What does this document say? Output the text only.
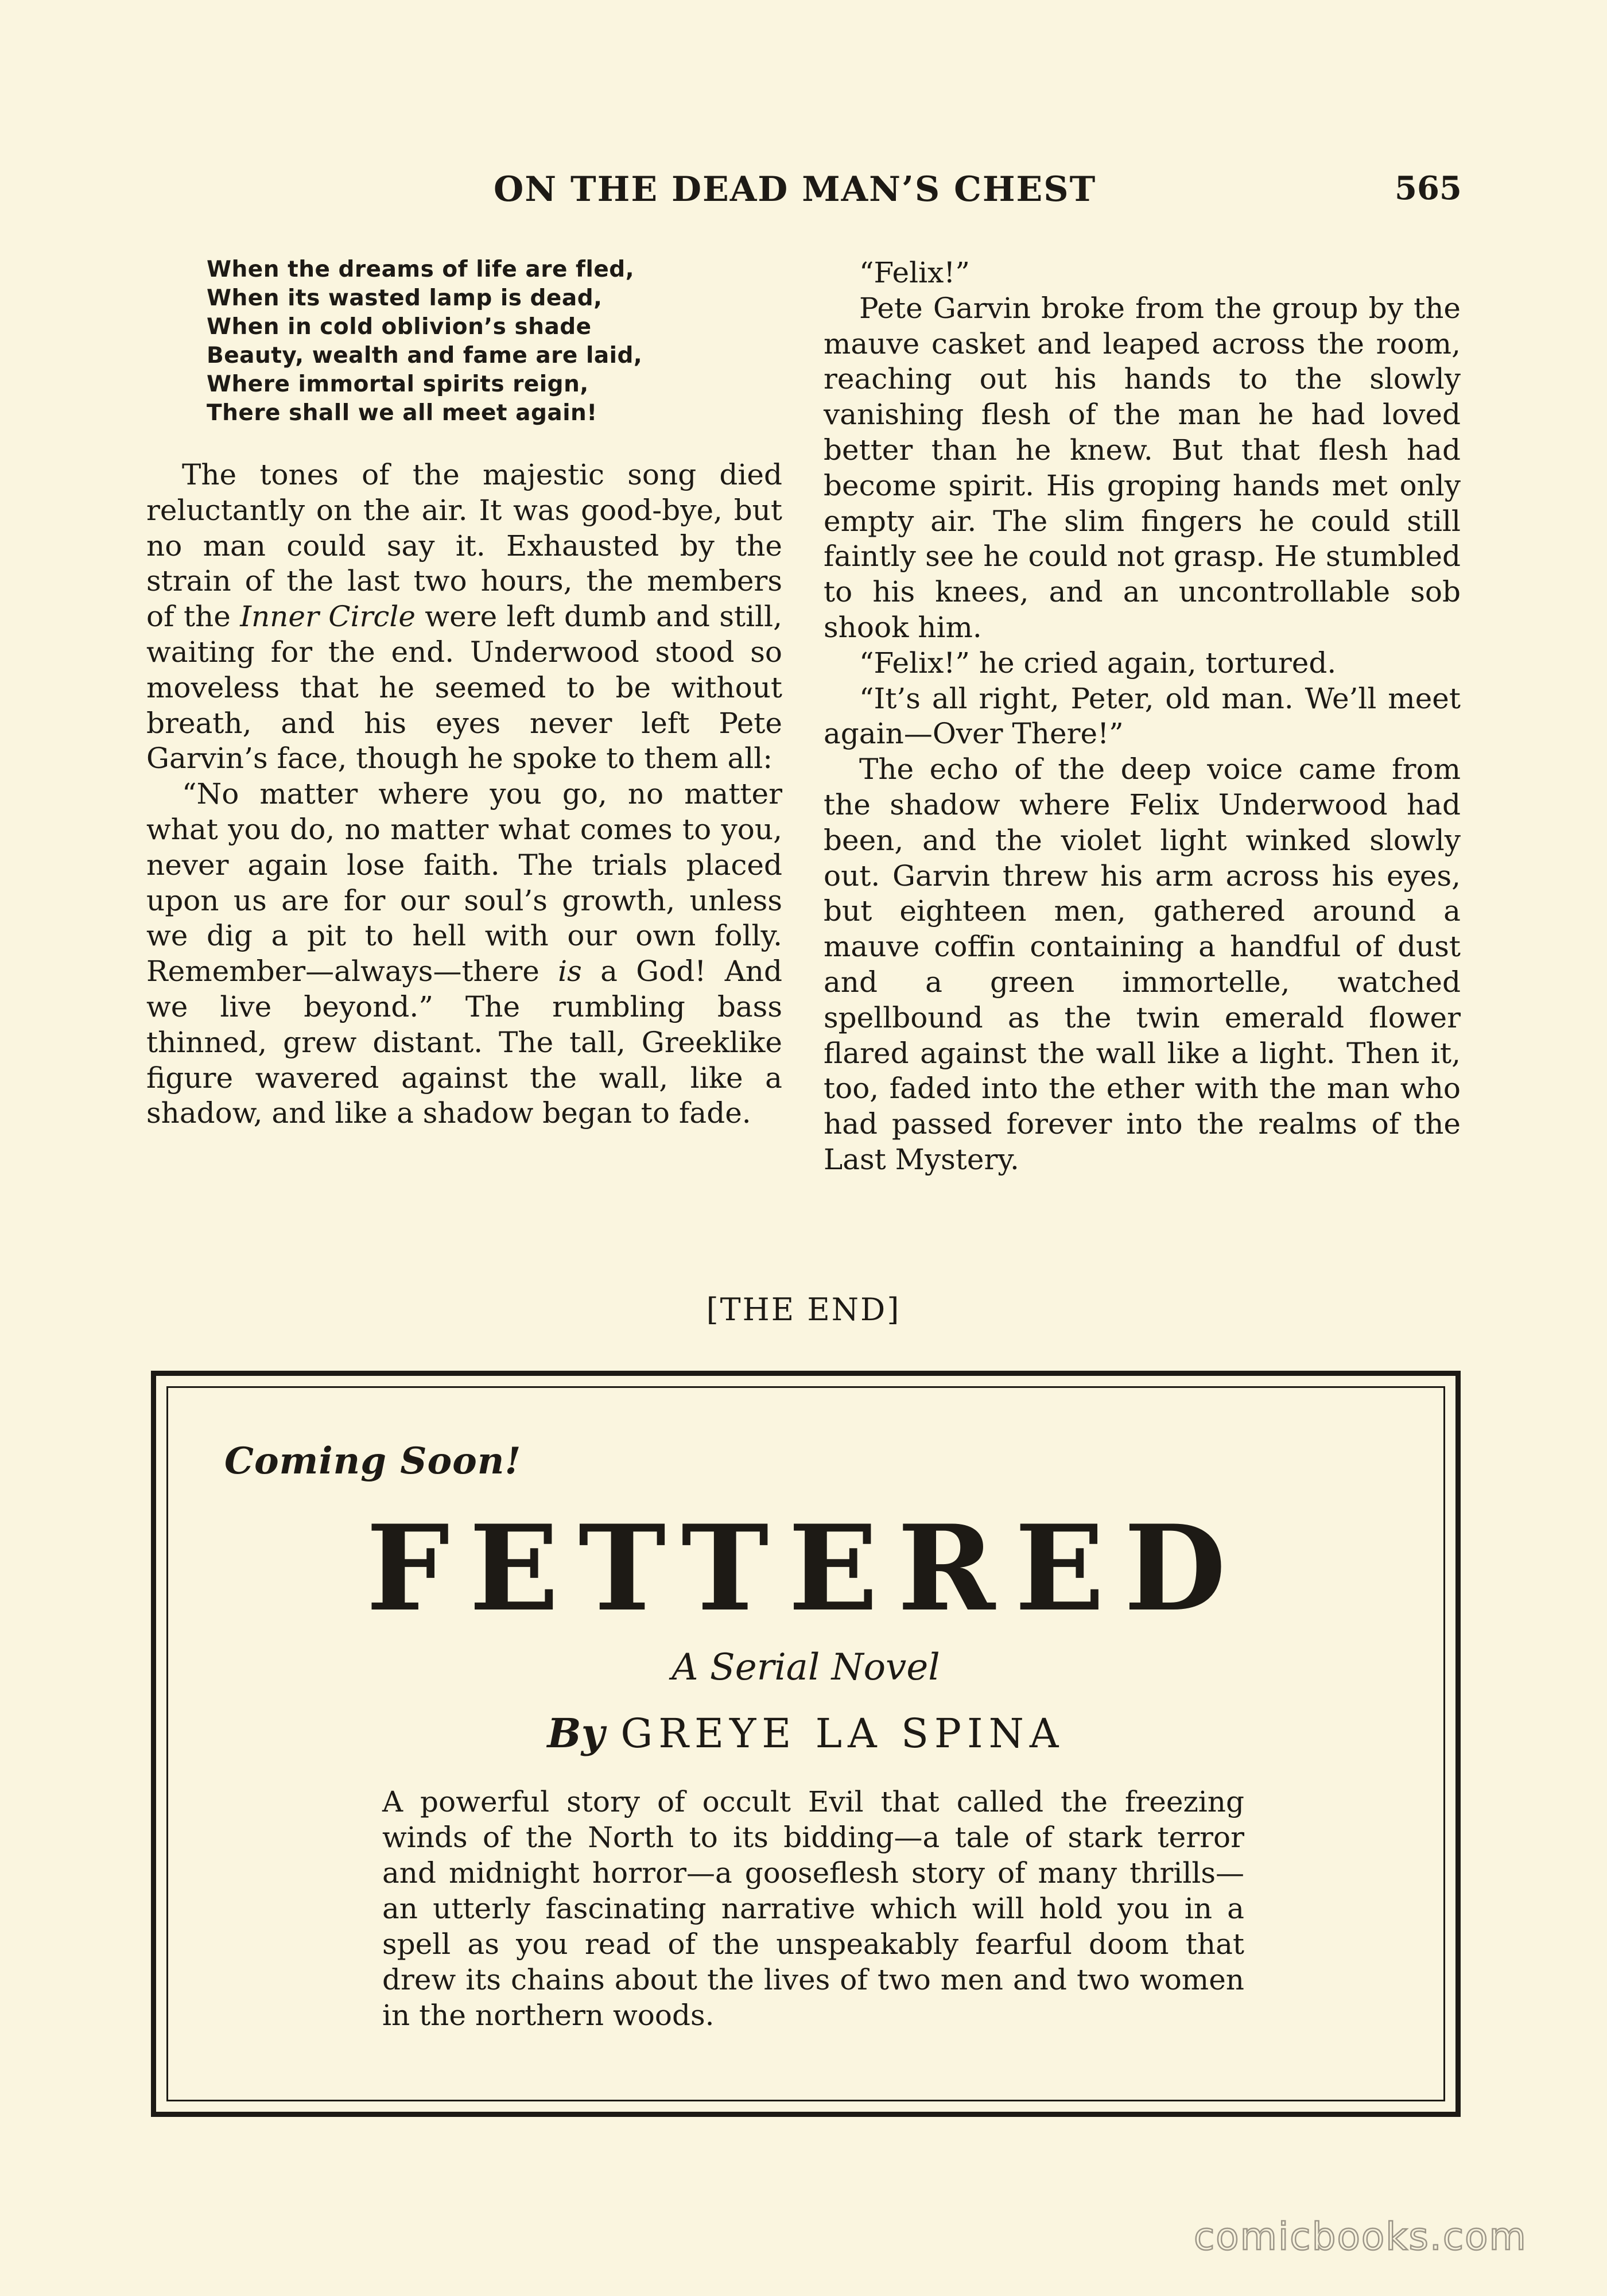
ON THE DEAD MAN’S CHEST	565
When the dreams of life are fled,
When its wasted lamp is dead,
When in cold oblivion’s shade
Beauty, wealth and fame are laid,
Where immortal spirits reign,
There shall we all meet again!

The tones of the majestic song died reluctantly on the air. It was good-bye, but no man could say it. Exhausted by the strain of the last two hours, the members of the Inner Circle were left dumb and still, waiting for the end. Underwood stood so moveless that he seemed to be without breath, and his eyes never left Pete Garvin’s face, though he spoke to them all:

“No matter where you go, no matter what you do, no matter what comes to you, never again lose faith. The trials placed upon us are for our soul’s growth, unless we dig a pit to hell with our own folly. Remember—always—there is a God! And we live beyond.” The rumbling bass thinned, grew distant. The tall, Greeklike figure wavered against the wall, like a shadow, and like a shadow began to fade.

“Felix!”

Pete Garvin broke from the group by the mauve casket and leaped across the room, reaching out his hands to the slowly vanishing flesh of the man he had loved better than he knew. But that flesh had become spirit. His groping hands met only empty air. The slim fingers he could still faintly see he could not grasp. He stumbled to his knees, and an uncontrollable sob shook him.

“Felix!” he cried again, tortured.

“It’s all right, Peter, old man. We’ll meet again—Over There!”

The echo of the deep voice came from the shadow where Felix Underwood had been, and the violet light winked slowly out. Garvin threw his arm across his eyes, but eighteen men, gathered around a mauve coffin containing a handful of dust and a green immortelle, watched spellbound as the twin emerald flower flared against the wall like a light. Then it, too, faded into the ether with the man who had passed forever into the realms of the Last Mystery.

[THE END]
Coming Soon!
FETTERED
A Serial Novel
By GREYE LA SPINA

A powerful story of occult Evil that called the freezing winds of the North to its bidding—a tale of stark terror and midnight horror—a gooseflesh story of many thrills—an utterly fascinating narrative which will hold you in a spell as you read of the unspeakably fearful doom that drew its chains about the lives of two men and two women in the northern woods.

comicbooks.com
